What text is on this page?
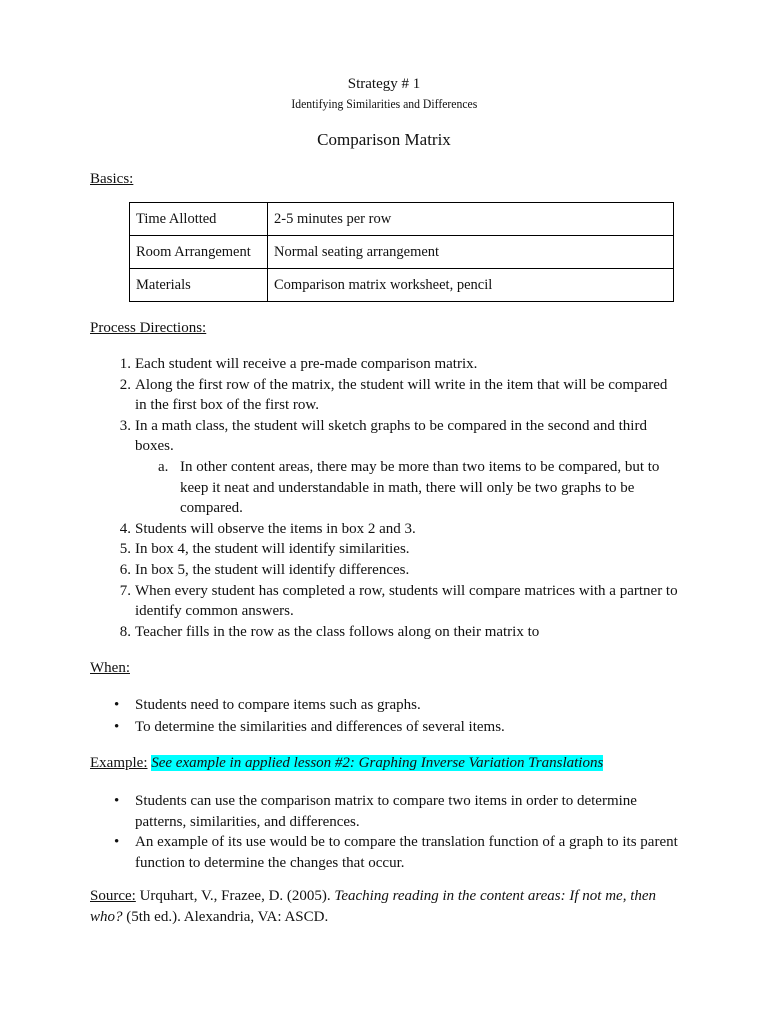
Strategy # 1
Identifying Similarities and Differences
Comparison Matrix
Basics:
Time Allotted	2-5 minutes per row
Room Arrangement	Normal seating arrangement
Materials	Comparison matrix worksheet, pencil
Process Directions:
1. Each student will receive a pre-made comparison matrix.
2. Along the first row of the matrix, the student will write in the item that will be compared in the first box of the first row.
3. In a math class, the student will sketch graphs to be compared in the second and third boxes.
a. In other content areas, there may be more than two items to be compared, but to keep it neat and understandable in math, there will only be two graphs to be compared.
4. Students will observe the items in box 2 and 3.
5. In box 4, the student will identify similarities.
6. In box 5, the student will identify differences.
7. When every student has completed a row, students will compare matrices with a partner to identify common answers.
8. Teacher fills in the row as the class follows along on their matrix to
When:
• Students need to compare items such as graphs.
• To determine the similarities and differences of several items.
Example: See example in applied lesson #2: Graphing Inverse Variation Translations
• Students can use the comparison matrix to compare two items in order to determine patterns, similarities, and differences.
• An example of its use would be to compare the translation function of a graph to its parent function to determine the changes that occur.
Source: Urquhart, V., Frazee, D. (2005). Teaching reading in the content areas: If not me, then who? (5th ed.). Alexandria, VA: ASCD.
